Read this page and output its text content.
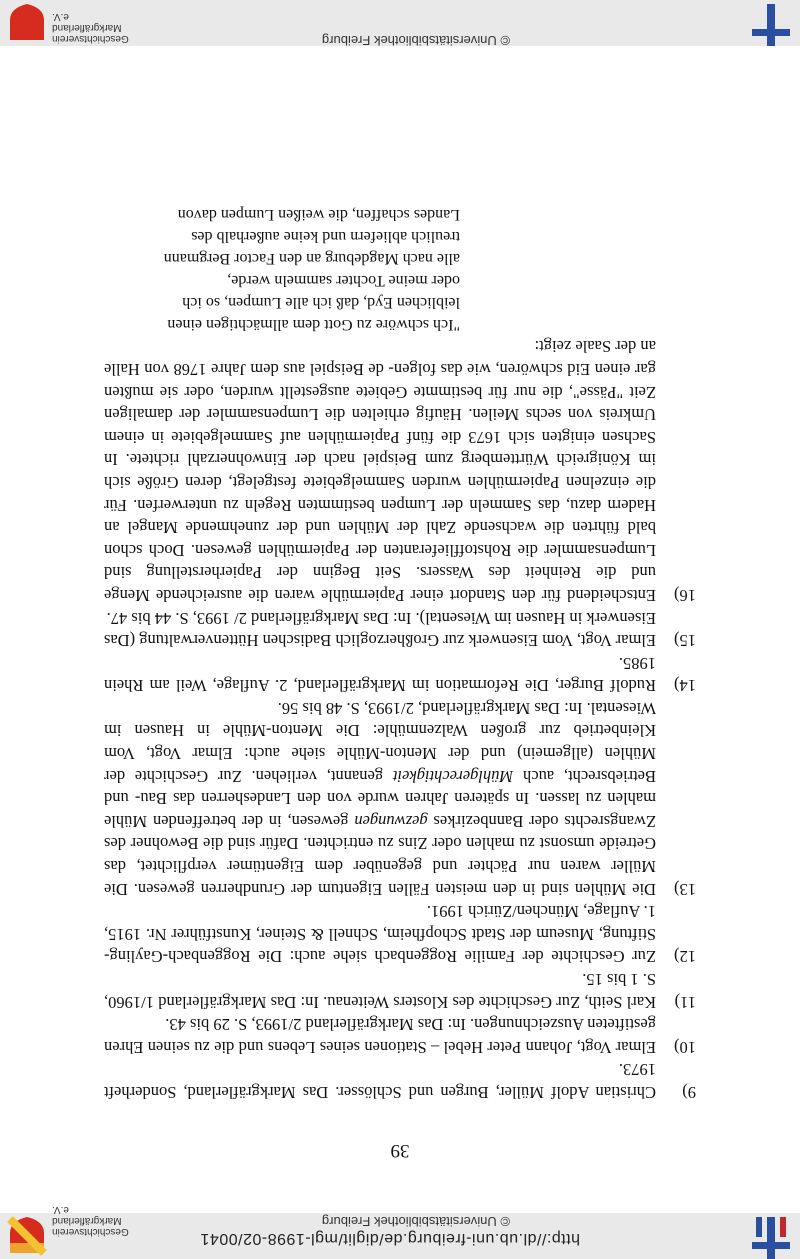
© Universitätsbibliothek Freiburg
http://dl.ub.uni-freiburg.de/diglit/mgl-1998-02/0041
Geschichtsverein Markgräflerland e.V.
39
9)
Christian Adolf Müller, Burgen und Schlösser. Das Markgräflerland, Sonderheft 1973.
10)
Elmar Vogt, Johann Peter Hebel – Stationen seines Lebens und die zu seinen Ehren gestifteten Auszeichnungen. In: Das Markgräflerland 2/1993, S. 29 bis 43.
11)
Karl Seith, Zur Geschichte des Klosters Weitenau. In: Das Markgräflerland 1/1960, S. 1 bis 15.
12)
Zur Geschichte der Familie Roggenbach siehe auch: Die Roggenbach-Gayling-Stiftung, Museum der Stadt Schopfheim, Schnell & Steiner, Kunstführer Nr. 1915, 1. Auflage, München/Zürich 1991.
13)
Die Mühlen sind in den meisten Fällen Eigentum der Grundherren gewesen. Die Müller waren nur Pächter und gegenüber dem Eigentümer verpflichtet, das Getreide umsonst zu mahlen oder Zins zu entrichten. Dafür sind die Bewohner des Zwangsrechts oder Bannbezirkes gezwungen gewesen, in der betreffenden Mühle mahlen zu lassen. In späteren Jahren wurde von den Landesherren das Bau- und Betriebsrecht, auch Mühlgerechtigkeit genannt, verliehen. Zur Geschichte der Mühlen (allgemein) und der Menton-Mühle siehe auch: Elmar Vogt, Vom Kleinbetrieb zur großen Walzenmühle: Die Menton-Mühle in Hausen im Wiesental. In: Das Markgräflerland, 2/1993, S. 48 bis 56.
14)
Rudolf Burger, Die Reformation im Markgräflerland, 2. Auflage, Weil am Rhein 1985.
15)
Elmar Vogt, Vom Eisenwerk zur Großherzoglich Badischen Hüttenverwaltung (Das Eisenwerk in Hausen im Wiesental). In: Das Markgräflerland 2/ 1993, S. 44 bis 47.
16)
Entscheidend für den Standort einer Papiermühle waren die ausreichende Menge und die Reinheit des Wassers. Seit Beginn der Papierherstellung sind Lumpensammler die Rohstofflieferanten der Papiermühlen gewesen. Doch schon bald führten die wachsende Zahl der Mühlen und der zunehmende Mangel an Hadern dazu, das Sammeln der Lumpen bestimmten Regeln zu unterwerfen. Für die einzelnen Papiermühlen wurden Sammelgebiete festgelegt, deren Größe sich im Königreich Württemberg zum Beispiel nach der Einwohnerzahl richtete. In Sachsen einigten sich 1673 die fünf Papiermühlen auf Sammelgebiete in einem Umkreis von sechs Meilen. Häufig erhielten die Lumpensammler der damaligen Zeit "Pässe", die nur für bestimmte Gebiete ausgestellt wurden, oder sie mußten gar einen Eid schwören, wie das folgen- de Beispiel aus dem Jahre 1768 von Halle an der Saale zeigt:
"Ich schwöre zu Gott dem allmächtigen einen
leiblichen Eyd, daß ich alle Lumpen, so ich
oder meine Tochter sammeln werde,
alle nach Magdeburg an den Factor Bergmann
treulich abliefern und keine außerhalb des
Landes schaffen, die weißen Lumpen davon
© Universitätsbibliothek Freiburg
Geschichtsverein Markgräflerland e.V.
